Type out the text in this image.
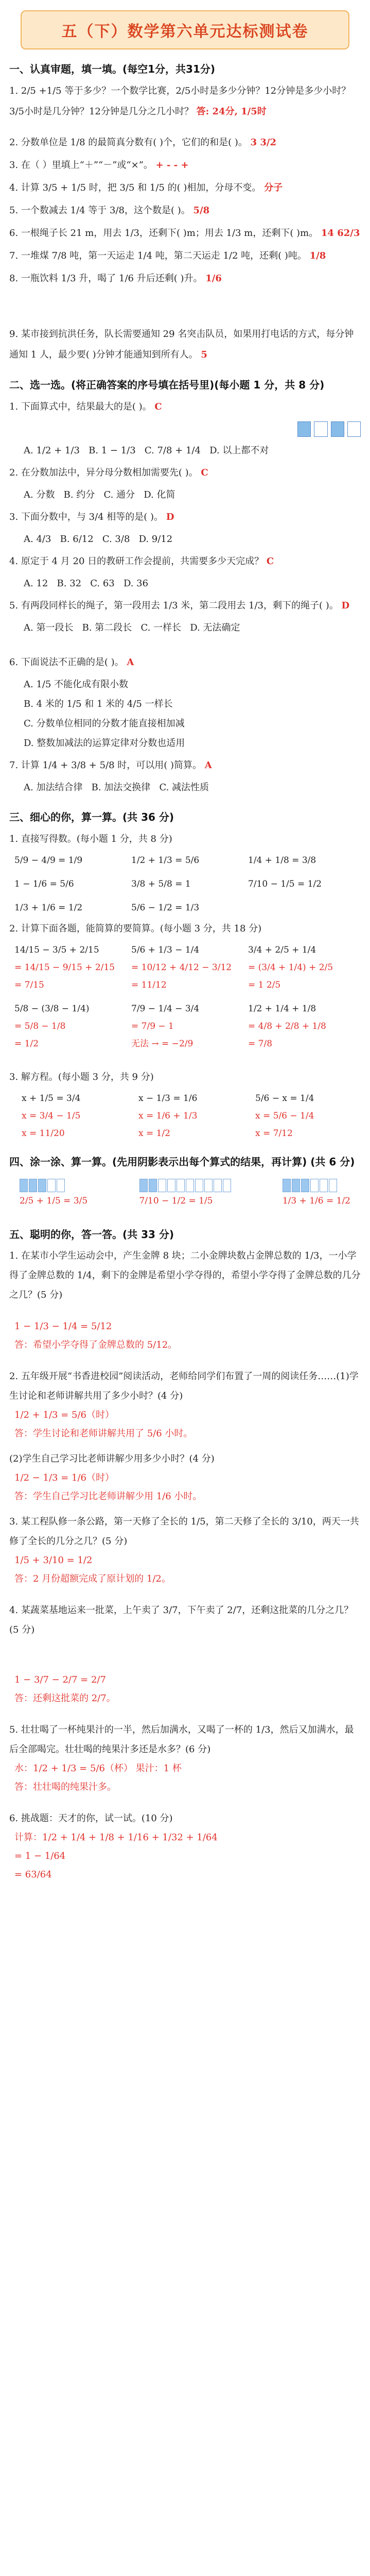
五（下）数学第六单元达标测试卷
一、认真审题，填一填。(每空1分，共31分)
1. 2/5 +1/5 等于多少？一个数学比赛，2/5小时是多少分钟？12分钟是多少小时？3/5小时是几分钟？12分钟是几分之几小时？ 答: 24分, 1/5时
2. 分数单位是 1/8 的最简真分数有( )个，它们的和是( )。 3 3/2
3. 在（ ）里填上“＋”“－”或“×”。 + - - +
4. 计算 3/5 + 1/5 时，把 3/5 和 1/5 的( )相加，分母不变。 分子
5. 一个数减去 1/4 等于 3/8，这个数是( )。 5/8
6. 一根绳子长 21 m，用去 1/3，还剩下( )m；用去 1/3 m，还剩下( )m。 14 62/3
7. 一堆煤 7/8 吨，第一天运走 1/4 吨，第二天运走 1/2 吨，还剩( )吨。 1/8
8. 一瓶饮料 1/3 升，喝了 1/6 升后还剩( )升。 1/6
9. 某市接到抗洪任务，队长需要通知 29 名突击队员，如果用打电话的方式，每分钟通知 1 人，最少要( )分钟才能通知到所有人。 5
二、选一选。(将正确答案的序号填在括号里)(每小题 1 分，共 8 分)
1. 下面算式中，结果最大的是( )。 C
A. 1/2 + 1/3 B. 1 − 1/3 C. 7/8 + 1/4 D. 以上都不对
2. 在分数加法中，异分母分数相加需要先( )。 C
A. 分数 B. 约分 C. 通分 D. 化简
3. 下面分数中，与 3/4 相等的是( )。 D
A. 4/3 B. 6/12 C. 3/8 D. 9/12
4. 原定于 4 月 20 日的教研工作会提前，共需要多少天完成？ C
A. 12 B. 32 C. 63 D. 36
5. 有两段同样长的绳子，第一段用去 1/3 米，第二段用去 1/3，剩下的绳子( )。 D
A. 第一段长 B. 第二段长 C. 一样长 D. 无法确定
6. 下面说法不正确的是( )。 A
A. 1/5 不能化成有限小数
B. 4 米的 1/5 和 1 米的 4/5 一样长
C. 分数单位相同的分数才能直接相加减
D. 整数加减法的运算定律对分数也适用
7. 计算 1/4 + 3/8 + 5/8 时，可以用( )简算。 A
A. 加法结合律 B. 加法交换律 C. 减法性质
三、细心的你，算一算。(共 36 分)
1. 直接写得数。(每小题 1 分，共 8 分)
5/9 − 4/9 = 1/9	1/2 + 1/3 = 5/6	1/4 + 1/8 = 3/8
1 − 1/6 = 5/6	3/8 + 5/8 = 1	7/10 − 1/5 = 1/2
1/3 + 1/6 = 1/2	5/6 − 1/2 = 1/3
2. 计算下面各题，能简算的要简算。(每小题 3 分，共 18 分)
14/15 − 3/5 + 2/15
= 14/15 − 9/15 + 2/15
= 7/15
5/6 + 1/3 − 1/4
= 10/12 + 4/12 − 3/12
= 11/12
3/4 + 2/5 + 1/4
= (3/4 + 1/4) + 2/5
= 1 2/5
5/8 − (3/8 − 1/4)
= 5/8 − 1/8
= 1/2
7/9 − 1/4 − 3/4
= 7/9 − 1
无法 → = −2/9
1/2 + 1/4 + 1/8
= 4/8 + 2/8 + 1/8
= 7/8
3. 解方程。(每小题 3 分，共 9 分)
x + 1/5 = 3/4
x = 3/4 − 1/5
x = 11/20
x − 1/3 = 1/6
x = 1/6 + 1/3
x = 1/2
5/6 − x = 1/4
x = 5/6 − 1/4
x = 7/12
四、涂一涂、算一算。(先用阴影表示出每个算式的结果，再计算) (共 6 分)
2/5 + 1/5 = 3/5	7/10 − 1/2 = 1/5	1/3 + 1/6 = 1/2
五、聪明的你，答一答。(共 33 分)
1. 在某市小学生运动会中，产生金牌 8 块；二小金牌块数占金牌总数的 1/3，一小学得了金牌总数的 1/4，剩下的金牌是希望小学夺得的，希望小学夺得了金牌总数的几分之几？(5 分)
1 − 1/3 − 1/4 = 5/12
答：希望小学夺得了金牌总数的 5/12。
2. 五年级开展“书香进校园”阅读活动，老师给同学们布置了一周的阅读任务……(1)学生讨论和老师讲解共用了多少小时？(4 分)
1/2 + 1/3 = 5/6（时）
答：学生讨论和老师讲解共用了 5/6 小时。
(2)学生自己学习比老师讲解少用多少小时？(4 分)
1/2 − 1/3 = 1/6（时）
答：学生自己学习比老师讲解少用 1/6 小时。
3. 某工程队修一条公路，第一天修了全长的 1/5，第二天修了全长的 3/10，两天一共修了全长的几分之几？(5 分)
1/5 + 3/10 = 1/2
答：2 月份超额完成了原计划的 1/2。
4. 某蔬菜基地运来一批菜，上午卖了 3/7，下午卖了 2/7，还剩这批菜的几分之几？(5 分)
1 − 3/7 − 2/7 = 2/7
答：还剩这批菜的 2/7。
5. 壮壮喝了一杯纯果汁的一半，然后加满水，又喝了一杯的 1/3，然后又加满水，最后全部喝完。壮壮喝的纯果汁多还是水多？(6 分)
水：1/2 + 1/3 = 5/6（杯） 果汁：1 杯
答：壮壮喝的纯果汁多。
6. 挑战题：天才的你，试一试。(10 分)
计算：1/2 + 1/4 + 1/8 + 1/16 + 1/32 + 1/64
= 1 − 1/64
= 63/64
